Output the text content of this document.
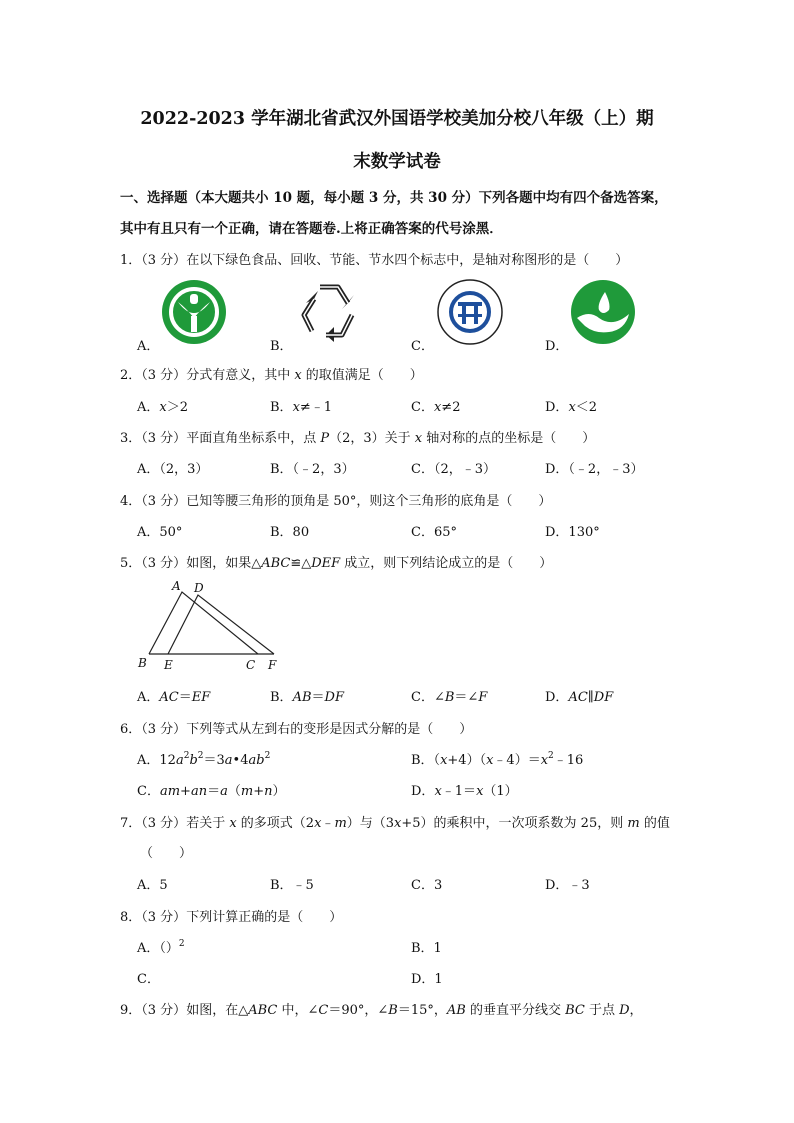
2022-2023 学年湖北省武汉外国语学校美加分校八年级（上）期
末数学试卷
一、选择题（本大题共小 10 题，每小题 3 分，共 30 分）下列各题中均有四个备选答案，
其中有且只有一个正确，请在答题卷.上将正确答案的代号涂黑．
1．（3 分）在以下绿色食品、回收、节能、节水四个标志中，是轴对称图形的是（　　）
A．	B．	C．	D．
2．（3 分）分式有意义，其中 x 的取值满足（　　）
A．x＞2	B．x≠﹣1	C．x≠2	D．x＜2
3．（3 分）平面直角坐标系中，点 P（2，3）关于 x 轴对称的点的坐标是（　　）
A．（2，3）	B．（﹣2，3）	C．（2，﹣3）	D．（﹣2，﹣3）
4．（3 分）已知等腰三角形的顶角是 50°，则这个三角形的底角是（　　）
A．50°	B．80	C．65°	D．130°
5．（3 分）如图，如果△ABC≌△DEF 成立，则下列结论成立的是（　　）
A D
B E	C F
A．AC＝EF	B．AB＝DF	C．∠B＝∠F	D．AC∥DF
6．（3 分）下列等式从左到右的变形是因式分解的是（　　）
A．$12a^2b^2=3a•4ab^2$	B．$(x+4)(x﹣4)=x^2﹣16$
C．am+an＝a（m+n）	D．x﹣1＝x（1）
7．（3 分）若关于 x 的多项式（2x﹣m）与（3x+5）的乘积中，一次项系数为 25，则 m 的值
（　　）
A．5	B．﹣5	C．3	D．﹣3
8．（3 分）下列计算正确的是（　　）
A．（）$^2$	B．1
C．	D．1
9．（3 分）如图，在△ABC 中，∠C＝90°，∠B＝15°，AB 的垂直平分线交 BC 于点 D，
